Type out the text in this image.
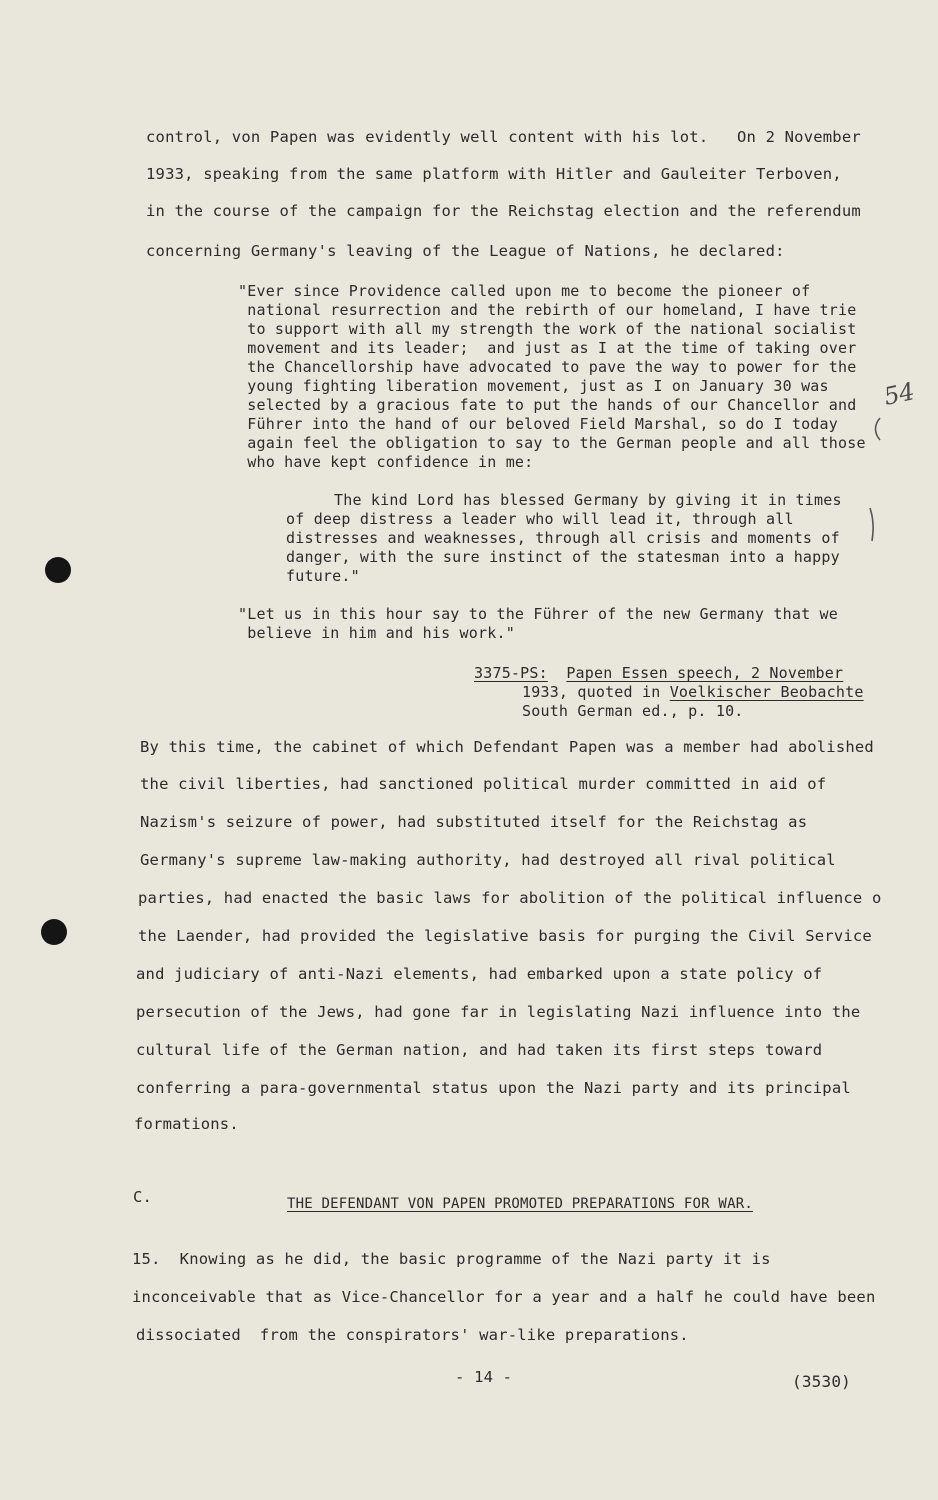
control, von Papen was evidently well content with his lot.   On 2 November
1933, speaking from the same platform with Hitler and Gauleiter Terboven,
in the course of the campaign for the Reichstag election and the referendum
concerning Germany's leaving of the League of Nations, he declared:
"Ever since Providence called upon me to become the pioneer of
national resurrection and the rebirth of our homeland, I have trie
to support with all my strength the work of the national socialist
movement and its leader;  and just as I at the time of taking over
the Chancellorship have advocated to pave the way to power for the
young fighting liberation movement, just as I on January 30 was
selected by a gracious fate to put the hands of our Chancellor and
Führer into the hand of our beloved Field Marshal, so do I today
again feel the obligation to say to the German people and all those
who have kept confidence in me:
The kind Lord has blessed Germany by giving it in times
of deep distress a leader who will lead it, through all
distresses and weaknesses, through all crisis and moments of
danger, with the sure instinct of the statesman into a happy
future."
"Let us in this hour say to the Führer of the new Germany that we
believe in him and his work."
3375-PS: Papen Essen speech, 2 November
1933, quoted in Voelkischer Beobachte
South German ed., p. 10.
By this time, the cabinet of which Defendant Papen was a member had abolished
the civil liberties, had sanctioned political murder committed in aid of
Nazism's seizure of power, had substituted itself for the Reichstag as
Germany's supreme law-making authority, had destroyed all rival political
parties, had enacted the basic laws for abolition of the political influence o
the Laender, had provided the legislative basis for purging the Civil Service
and judiciary of anti-Nazi elements, had embarked upon a state policy of
persecution of the Jews, had gone far in legislating Nazi influence into the
cultural life of the German nation, and had taken its first steps toward
conferring a para-governmental status upon the Nazi party and its principal
formations.
C.	THE DEFENDANT VON PAPEN PROMOTED PREPARATIONS FOR WAR.
15.  Knowing as he did, the basic programme of the Nazi party it is
inconceivable that as Vice-Chancellor for a year and a half he could have been
dissociated  from the conspirators' war-like preparations.
- 14 -	(3530)
54
